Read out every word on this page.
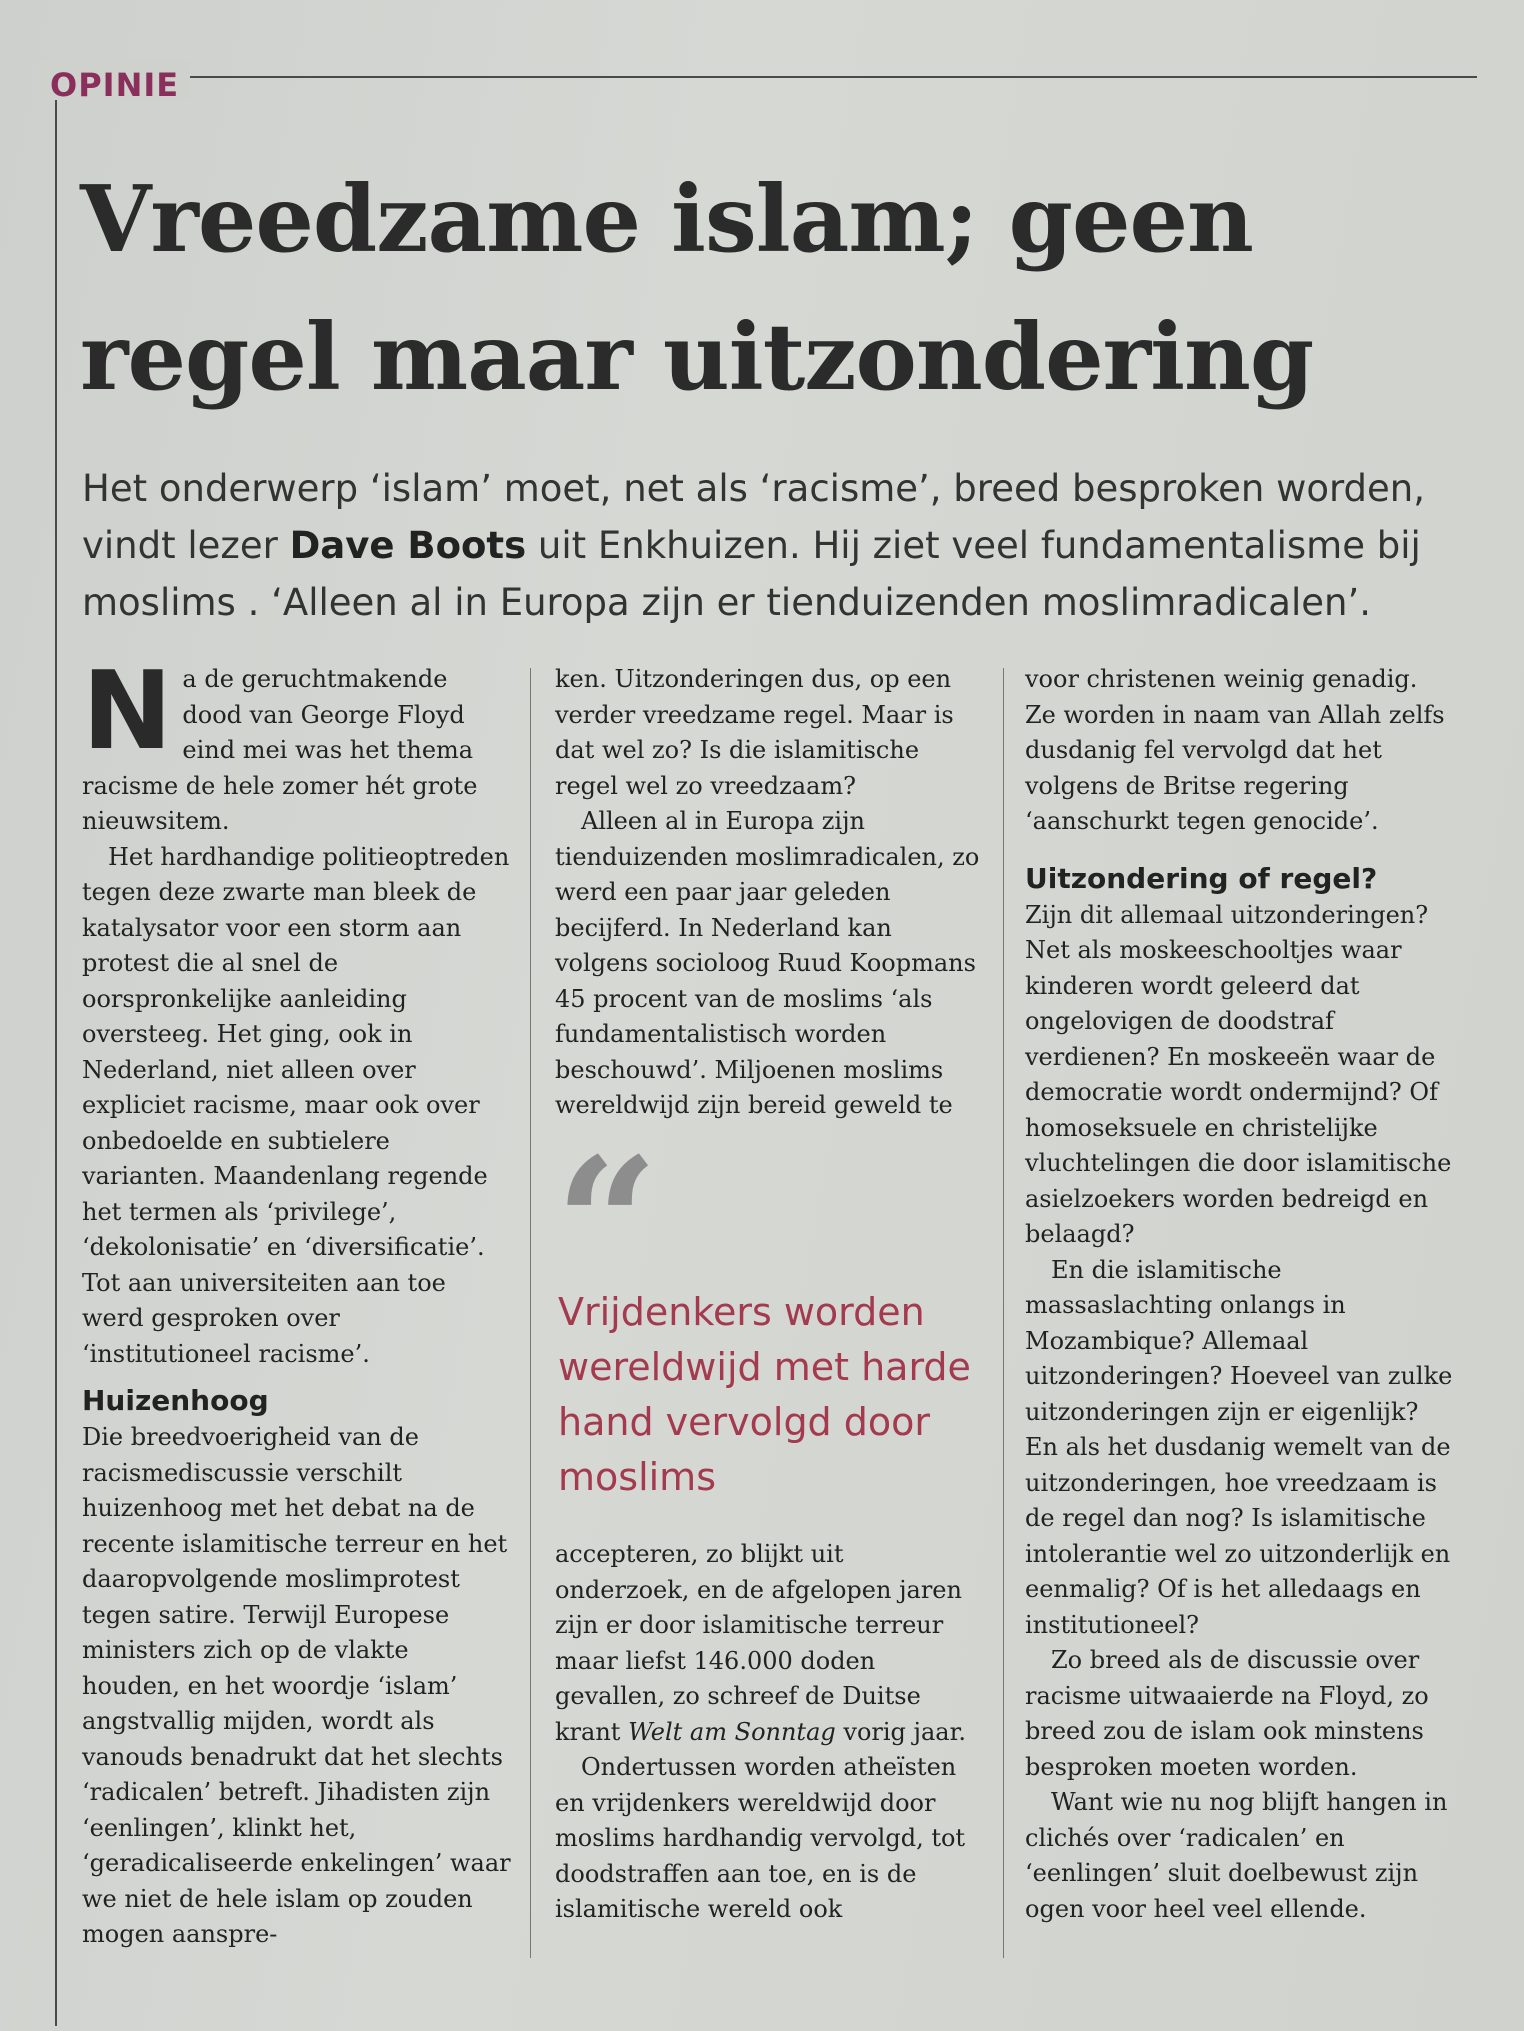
OPINIE
Vreedzame islam; geen
regel maar uitzondering
Het onderwerp ‘islam’ moet, net als ‘racisme’, breed besproken worden, vindt lezer Dave Boots uit Enkhuizen. Hij ziet veel fundamentalisme bij moslims . ‘Alleen al in Europa zijn er tienduizenden moslimradicalen’.

Na de geruchtmakende dood van George Floyd eind mei was het thema racisme de hele zomer hét grote nieuwsitem.

Het hardhandige politieoptreden tegen deze zwarte man bleek de katalysator voor een storm aan protest die al snel de oorspronkelijke aanleiding oversteeg. Het ging, ook in Nederland, niet alleen over expliciet racisme, maar ook over onbedoelde en subtielere varianten. Maandenlang regende het termen als ‘privilege’, ‘dekolonisatie’ en ‘diversificatie’. Tot aan universiteiten aan toe werd gesproken over ‘institutioneel racisme’.

Huizenhoog

Die breedvoerigheid van de racismediscussie verschilt huizenhoog met het debat na de recente islamitische terreur en het daaropvolgende moslimprotest tegen satire. Terwijl Europese ministers zich op de vlakte houden, en het woordje ‘islam’ angstvallig mijden, wordt als vanouds benadrukt dat het slechts ‘radicalen’ betreft. Jihadisten zijn ‘eenlingen’, klinkt het, ‘geradicaliseerde enkelingen’ waar we niet de hele islam op zouden mogen aanspre-

ken. Uitzonderingen dus, op een verder vreedzame regel. Maar is dat wel zo? Is die islamitische regel wel zo vreedzaam?

Alleen al in Europa zijn tienduizenden moslimradicalen, zo werd een paar jaar geleden becijferd. In Nederland kan volgens socioloog Ruud Koopmans 45 procent van de moslims ‘als fundamentalistisch worden beschouwd’. Miljoenen moslims wereldwijd zijn bereid geweld te

“
Vrijdenkers worden wereldwijd met harde hand vervolgd door moslims

accepteren, zo blijkt uit onderzoek, en de afgelopen jaren zijn er door islamitische terreur maar liefst 146.000 doden gevallen, zo schreef de Duitse krant Welt am Sonntag vorig jaar.

Ondertussen worden atheïsten en vrijdenkers wereldwijd door moslims hardhandig vervolgd, tot doodstraffen aan toe, en is de islamitische wereld ook

voor christenen weinig genadig. Ze worden in naam van Allah zelfs dusdanig fel vervolgd dat het volgens de Britse regering ‘aanschurkt tegen genocide’.

Uitzondering of regel?

Zijn dit allemaal uitzonderingen? Net als moskeeschooltjes waar kinderen wordt geleerd dat ongelovigen de doodstraf verdienen? En moskeeën waar de democratie wordt ondermijnd? Of homoseksuele en christelijke vluchtelingen die door islamitische asielzoekers worden bedreigd en belaagd?

En die islamitische massaslachting onlangs in Mozambique? Allemaal uitzonderingen? Hoeveel van zulke uitzonderingen zijn er eigenlijk? En als het dusdanig wemelt van de uitzonderingen, hoe vreedzaam is de regel dan nog? Is islamitische intolerantie wel zo uitzonderlijk en eenmalig? Of is het alledaags en institutioneel?

Zo breed als de discussie over racisme uitwaaierde na Floyd, zo breed zou de islam ook minstens besproken moeten worden.

Want wie nu nog blijft hangen in clichés over ‘radicalen’ en ‘eenlingen’ sluit doelbewust zijn ogen voor heel veel ellende.
